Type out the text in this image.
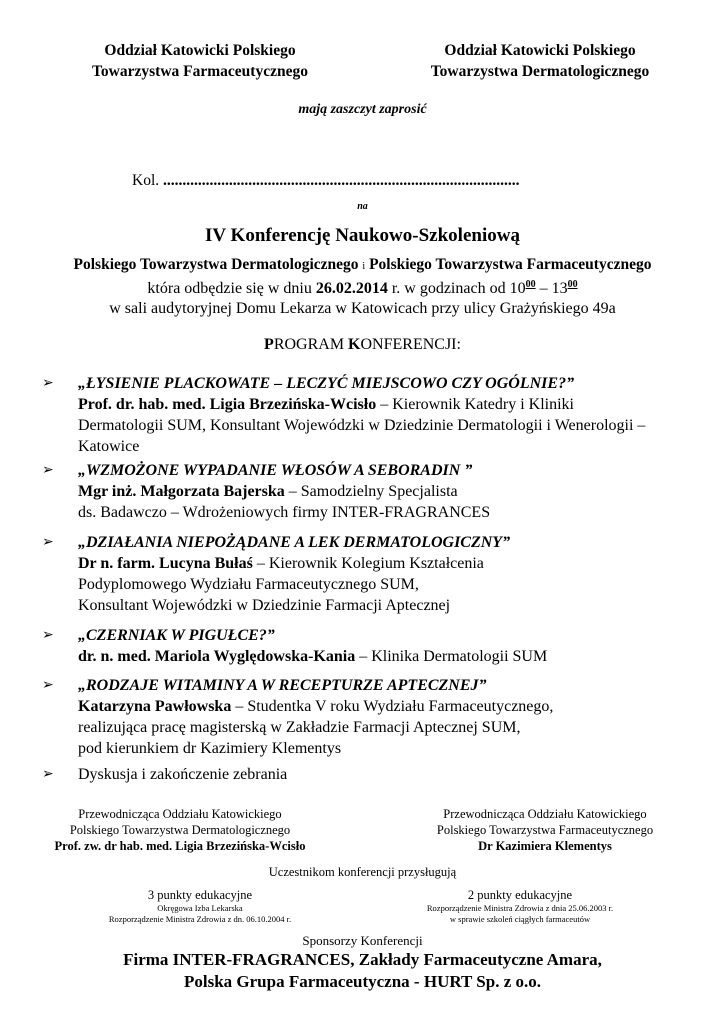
Oddział Katowicki Polskiego
Towarzystwa Farmaceutycznego
Oddział Katowicki Polskiego
Towarzystwa Dermatologicznego
mają zaszczyt zaprosić
Kol. ............................................................................................
na
IV Konferencję Naukowo-Szkoleniową
Polskiego Towarzystwa Dermatologicznego i Polskiego Towarzystwa Farmaceutycznego
która odbędzie się w dniu 26.02.2014 r. w godzinach od $10^{00} - 13^{00}$
w sali audytoryjnej Domu Lekarza w Katowicach przy ulicy Grażyńskiego 49a
PROGRAM KONFERENCJI:
➢	„ŁYSIENIE PLACKOWATE – LECZYĆ MIEJSCOWO CZY OGÓLNIE?”
Prof. dr. hab. med. Ligia Brzezińska-Wcisło – Kierownik Katedry i Kliniki
Dermatologii SUM, Konsultant Wojewódzki w Dziedzinie Dermatologii i Wenerologii –
Katowice
➢	„WZMOŻONE WYPADANIE WŁOSÓW A SEBORADIN ”
Mgr inż. Małgorzata Bajerska – Samodzielny Specjalista
ds. Badawczo – Wdrożeniowych firmy INTER-FRAGRANCES
➢	„DZIAŁANIA NIEPOŻĄDANE A LEK DERMATOLOGICZNY”
Dr n. farm. Lucyna Bułaś – Kierownik Kolegium Kształcenia
Podyplomowego Wydziału Farmaceutycznego SUM,
Konsultant Wojewódzki w Dziedzinie Farmacji Aptecznej
➢	„CZERNIAK W PIGUŁCE?”
dr. n. med. Mariola Wyględowska-Kania – Klinika Dermatologii SUM
➢	„RODZAJE WITAMINY A W RECEPTURZE APTECZNEJ”
Katarzyna Pawłowska – Studentka V roku Wydziału Farmaceutycznego,
realizująca pracę magisterską w Zakładzie Farmacji Aptecznej SUM,
pod kierunkiem dr Kazimiery Klementys
➢	Dyskusja i zakończenie zebrania
Przewodnicząca Oddziału Katowickiego
Polskiego Towarzystwa Dermatologicznego
Prof. zw. dr hab. med. Ligia Brzezińska-Wcisło
Przewodnicząca Oddziału Katowickiego
Polskiego Towarzystwa Farmaceutycznego
Dr Kazimiera Klementys
Uczestnikom konferencji przysługują
3 punkty edukacyjne
Okręgowa Izba Lekarska
Rozporządzenie Ministra Zdrowia z dn. 06.10.2004 r.
2 punkty edukacyjne
Rozporządzenie Ministra Zdrowia z dnia 25.06.2003 r.
w sprawie szkoleń ciągłych farmaceutów
Sponsorzy Konferencji
Firma INTER-FRAGRANCES, Zakłady Farmaceutyczne Amara,
Polska Grupa Farmaceutyczna - HURT Sp. z o.o.
